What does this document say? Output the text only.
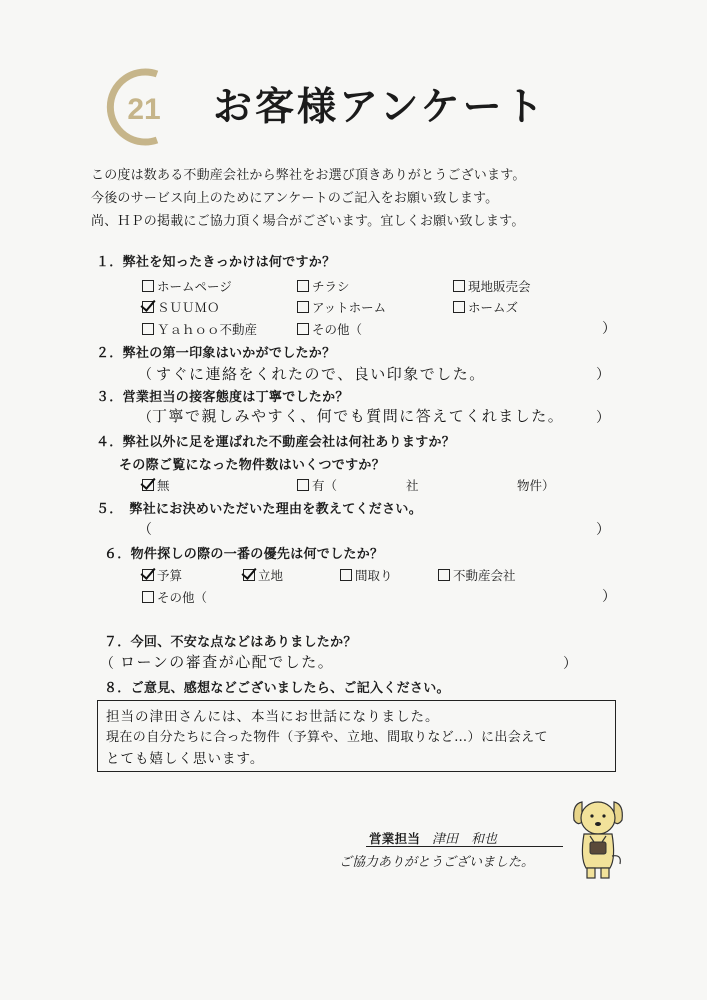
21 お客様アンケート
この度は数ある不動産会社から弊社をお選び頂きありがとうございます。
今後のサービス向上のためにアンケートのご記入をお願い致します。
尚、ＨＰの掲載にご協力頂く場合がございます。宜しくお願い致します。
１．弊社を知ったきっかけは何ですか？
ホームページ	チラシ	現地販売会
ＳＵＵＭＯ	アットホーム	ホームズ
Ｙａｈｏｏ不動産	その他（	）
２．弊社の第一印象はいかがでしたか？
（ すぐに連絡をくれたので、良い印象でした。	）
３．営業担当の接客態度は丁寧でしたか？
（ 丁寧で親しみやすく、何でも質問に答えてくれました。 ）
４．弊社以外に足を運ばれた不動産会社は何社ありますか？
その際ご覧になった物件数はいくつですか？
無	有（	社	物件）
５．　弊社にお決めいただいた理由を教えてください。
（	）
６．物件探しの際の一番の優先は何でしたか？
予算	立地	間取り	不動産会社
その他（	）
７．今回、不安な点などはありましたか？
（ ローンの審査が心配でした。	）
８．ご意見、感想などございましたら、ご記入ください。
担当の津田さんには、本当にお世話になりました。
現在の自分たちに合った物件（予算や、立地、間取りなど…）に出会えて
とても嬉しく思います。
営業担当 津田　和也
ご協力ありがとうございました。
